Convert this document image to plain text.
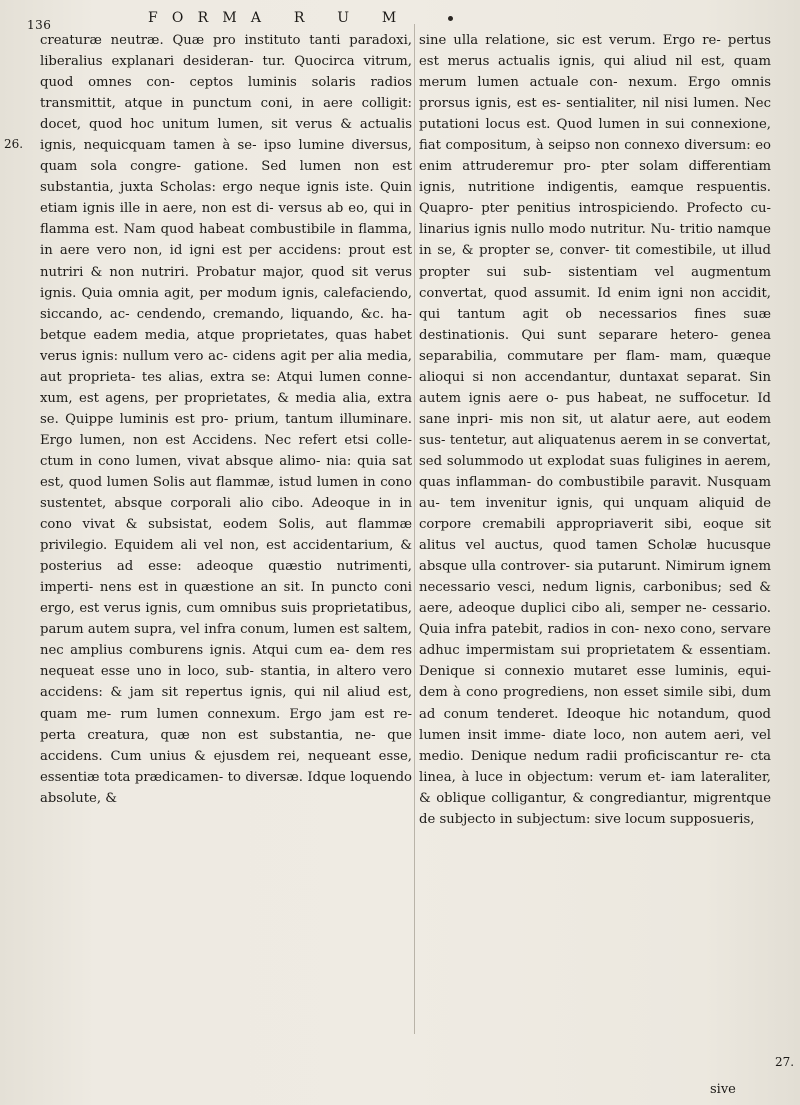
136	FORMA R U M
26.

creaturæ neutræ. Quæ pro instituto tanti paradoxi, liberalius explanari desideran- tur. Quocirca vitrum, quod omnes con- ceptos luminis solaris radios transmittit, atque in punctum coni, in aere colligit: docet, quod hoc unitum lumen, sit verus & actualis ignis, nequicquam tamen à se- ipso lumine diversus, quam sola congre- gatione. Sed lumen non est substantia, juxta Scholas: ergo neque ignis iste. Quin etiam ignis ille in aere, non est di- versus ab eo, qui in flamma est. Nam quod habeat combustibile in flamma, in aere vero non, id igni est per accidens: prout est nutriri & non nutriri. Probatur major, quod sit verus ignis. Quia omnia agit, per modum ignis, calefaciendo, siccando, ac- cendendo, cremando, liquando, &c. ha- betque eadem media, atque proprietates, quas habet verus ignis: nullum vero ac- cidens agit per alia media, aut proprieta- tes alias, extra se: Atqui lumen conne- xum, est agens, per proprietates, & media alia, extra se. Quippe luminis est pro- prium, tantum illuminare. Ergo lumen, non est Accidens. Nec refert etsi colle- ctum in cono lumen, vivat absque alimo- nia: quia sat est, quod lumen Solis aut flammæ, istud lumen in cono sustentet, absque corporali alio cibo. Adeoque in in cono vivat & subsistat, eodem Solis, aut flammæ privilegio. Equidem ali vel non, est accidentarium, & posterius ad esse: adeoque quæstio nutrimenti, imperti- nens est in quæstione an sit. In puncto coni ergo, est verus ignis, cum omnibus suis proprietatibus, parum autem supra, vel infra conum, lumen est saltem, nec amplius comburens ignis. Atqui cum ea- dem res nequeat esse uno in loco, sub- stantia, in altero vero accidens: & jam sit repertus ignis, qui nil aliud est, quam me- rum lumen connexum. Ergo jam est re- perta creatura, quæ non est substantia, ne- que accidens. Cum unius & ejusdem rei, nequeant esse, essentiæ tota prædicamen- to diversæ. Idque loquendo absolute, &

sine ulla relatione, sic est verum. Ergo re- pertus est merus actualis ignis, qui aliud nil est, quam merum lumen actuale con- nexum. Ergo omnis prorsus ignis, est es- sentialiter, nil nisi lumen. Nec putationi locus est. Quod lumen in sui connexione, fiat compositum, à seipso non connexo diversum: eo enim attruderemur pro- pter solam differentiam ignis, nutritione indigentis, eamque respuentis. Quapro- pter penitius introspiciendo. Profecto cu- linarius ignis nullo modo nutritur. Nu- tritio namque in se, & propter se, conver- tit comestibile, ut illud propter sui sub- sistentiam vel augmentum convertat, quod assumit. Id enim igni non accidit, qui tantum agit ob necessarios fines suæ destinationis. Qui sunt separare hetero- genea separabilia, commutare per flam- mam, quæque alioqui si non accendantur, duntaxat separat. Sin autem ignis aere o- pus habeat, ne suffocetur. Id sane inpri- mis non sit, ut alatur aere, aut eodem sus- tentetur, aut aliquatenus aerem in se convertat, sed solummodo ut explodat suas fuligines in aerem, quas inflamman- do combustibile paravit. Nusquam au- tem invenitur ignis, qui unquam aliquid de corpore cremabili appropriaverit sibi, eoque sit alitus vel auctus, quod tamen Scholæ hucusque absque ulla controver- sia putarunt. Nimirum ignem necessario vesci, nedum lignis, carbonibus; sed & aere, adeoque duplici cibo ali, semper ne- cessario. Quia infra patebit, radios in con- nexo cono, servare adhuc impermistam sui proprietatem & essentiam. Denique si connexio mutaret esse luminis, equi- dem à cono progrediens, non esset simile sibi, dum ad conum tenderet. Ideoque hic notandum, quod lumen insit imme- diate loco, non autem aeri, vel medio. Denique nedum radii proficiscantur re- cta linea, à luce in objectum: verum et- iam lateraliter, & oblique colligantur, & congrediantur, migrentque de subjecto in subjectum: sive locum supposueris,

27.
sive
